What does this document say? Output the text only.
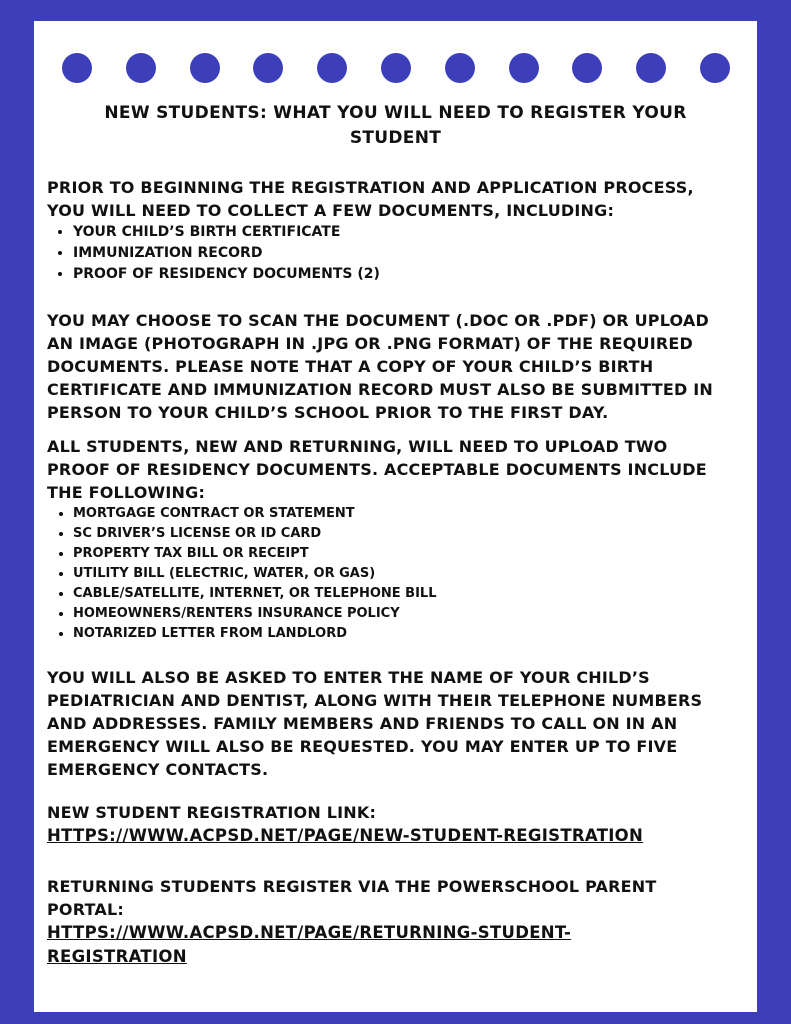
NEW STUDENTS: WHAT YOU WILL NEED TO REGISTER YOUR STUDENT

PRIOR TO BEGINNING THE REGISTRATION AND APPLICATION PROCESS, YOU WILL NEED TO COLLECT A FEW DOCUMENTS, INCLUDING:

• YOUR CHILD’S BIRTH CERTIFICATE
• IMMUNIZATION RECORD
• PROOF OF RESIDENCY DOCUMENTS (2)

YOU MAY CHOOSE TO SCAN THE DOCUMENT (.DOC OR .PDF) OR UPLOAD AN IMAGE (PHOTOGRAPH IN .JPG OR .PNG FORMAT) OF THE REQUIRED DOCUMENTS. PLEASE NOTE THAT A COPY OF YOUR CHILD’S BIRTH CERTIFICATE AND IMMUNIZATION RECORD MUST ALSO BE SUBMITTED IN PERSON TO YOUR CHILD’S SCHOOL PRIOR TO THE FIRST DAY.

ALL STUDENTS, NEW AND RETURNING, WILL NEED TO UPLOAD TWO PROOF OF RESIDENCY DOCUMENTS. ACCEPTABLE DOCUMENTS INCLUDE THE FOLLOWING:

• MORTGAGE CONTRACT OR STATEMENT
• SC DRIVER’S LICENSE OR ID CARD
• PROPERTY TAX BILL OR RECEIPT
• UTILITY BILL (ELECTRIC, WATER, OR GAS)
• CABLE/SATELLITE, INTERNET, OR TELEPHONE BILL
• HOMEOWNERS/RENTERS INSURANCE POLICY
• NOTARIZED LETTER FROM LANDLORD

YOU WILL ALSO BE ASKED TO ENTER THE NAME OF YOUR CHILD’S PEDIATRICIAN AND DENTIST, ALONG WITH THEIR TELEPHONE NUMBERS AND ADDRESSES. FAMILY MEMBERS AND FRIENDS TO CALL ON IN AN EMERGENCY WILL ALSO BE REQUESTED. YOU MAY ENTER UP TO FIVE EMERGENCY CONTACTS.

NEW STUDENT REGISTRATION LINK:
HTTPS://WWW.ACPSD.NET/PAGE/NEW-STUDENT-REGISTRATION
RETURNING STUDENTS REGISTER VIA THE POWERSCHOOL PARENT PORTAL:
HTTPS://WWW.ACPSD.NET/PAGE/RETURNING-STUDENT-
REGISTRATION
